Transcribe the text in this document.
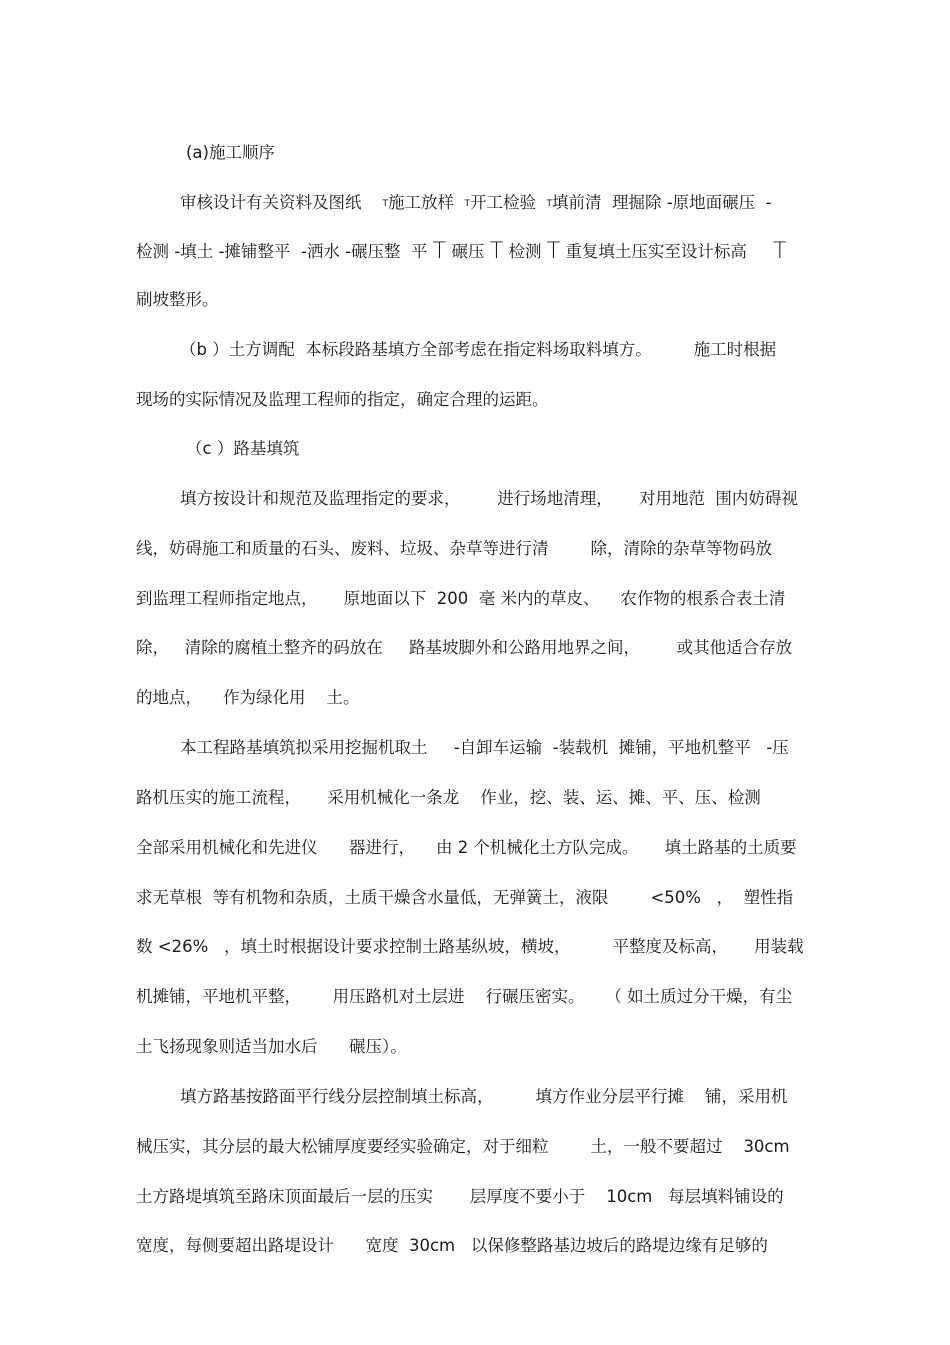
(a)施工顺序
审核设计有关资料及图纸 T施工放样 T开工检验 T填前清  理掘除 -原地面碾压  -
检测 -填土 -摊铺整平  -洒水 -碾压整  平 T 碾压 T 检测 T 重复填土压实至设计标高 T
刷坡整形。
（b ）土方调配  本标段路基填方全部考虑在指定料场取料填方。        施工时根据
现场的实际情况及监理工程师的指定，确定合理的运距。
（c ）路基填筑
填方按设计和规范及监理指定的要求，       进行场地清理，     对用地范  围内妨碍视
线，妨碍施工和质量的石头、废料、垃圾、杂草等进行清        除，清除的杂草等物码放
到监理工程师指定地点，     原地面以下  200  毫 米内的草皮、    农作物的根系合表土清
除，   清除的腐植土整齐的码放在     路基坡脚外和公路用地界之间，       或其他适合存放
的地点，    作为绿化用    土。
本工程路基填筑拟采用挖掘机取土     -自卸车运输  -装载机  摊铺，平地机整平   -压
路机压实的施工流程，     采用机械化一条龙    作业，挖、装、运、摊、平、压、检测
全部采用机械化和先进仪      器进行，    由 2 个机械化土方队完成。     填土路基的土质要
求无草根  等有机物和杂质，土质干燥含水量低，无弹簧土，液限        <50%   ，  塑性指
数 <26%   ，填土时根据设计要求控制土路基纵坡，横坡，        平整度及标高，     用装载
机摊铺，平地机平整，      用压路机对土层进    行碾压密实。    （ 如土质过分干燥，有尘
土飞扬现象则适当加水后      碾压）。
填方路基按路面平行线分层控制填土标高，        填方作业分层平行摊    铺，采用机
械压实，其分层的最大松铺厚度要经实验确定，对于细粒        土，一般不要超过    30cm
土方路堤填筑至路床顶面最后一层的压实       层厚度不要小于    10cm   每层填料铺设的
宽度，每侧要超出路堤设计      宽度  30cm   以保修整路基边坡后的路堤边缘有足够的
